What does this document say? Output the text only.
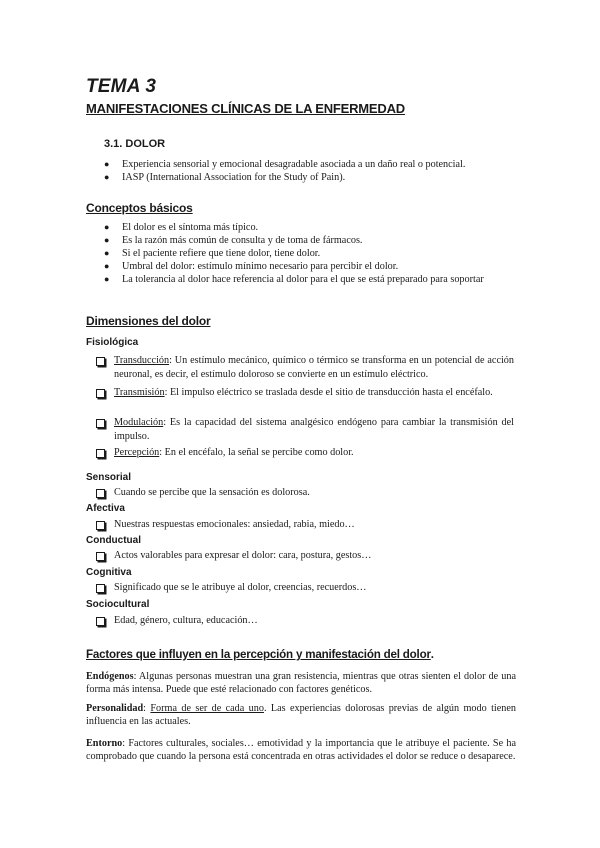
TEMA 3
MANIFESTACIONES CLÍNICAS DE LA ENFERMEDAD
3.1. DOLOR
● Experiencia sensorial y emocional desagradable asociada a un daño real o potencial.
● IASP (International Association for the Study of Pain).
Conceptos básicos
● El dolor es el síntoma más típico.
● Es la razón más común de consulta y de toma de fármacos.
● Si el paciente refiere que tiene dolor, tiene dolor.
● Umbral del dolor: estímulo mínimo necesario para percibir el dolor.
● La tolerancia al dolor hace referencia al dolor para el que se está preparado para soportar
Dimensiones del dolor
Fisiológica
Transducción: Un estímulo mecánico, químico o térmico se transforma en un potencial de acción neuronal, es decir, el estímulo doloroso se convierte en un estímulo eléctrico.
Transmisión: El impulso eléctrico se traslada desde el sitio de transducción hasta el encéfalo.
Modulación: Es la capacidad del sistema analgésico endógeno para cambiar la transmisión del impulso.
Percepción: En el encéfalo, la señal se percibe como dolor.
Sensorial
Cuando se percibe que la sensación es dolorosa.
Afectiva
Nuestras respuestas emocionales: ansiedad, rabia, miedo…
Conductual
Actos valorables para expresar el dolor: cara, postura, gestos…
Cognitiva
Significado que se le atribuye al dolor, creencias, recuerdos…
Sociocultural
Edad, género, cultura, educación…
Factores que influyen en la percepción y manifestación del dolor.
Endógenos: Algunas personas muestran una gran resistencia, mientras que otras sienten el dolor de una forma más intensa. Puede que esté relacionado con factores genéticos.
Personalidad: Forma de ser de cada uno. Las experiencias dolorosas previas de algún modo tienen influencia en las actuales.
Entorno: Factores culturales, sociales… emotividad y la importancia que le atribuye el paciente. Se ha comprobado que cuando la persona está concentrada en otras actividades el dolor se reduce o desaparece.
